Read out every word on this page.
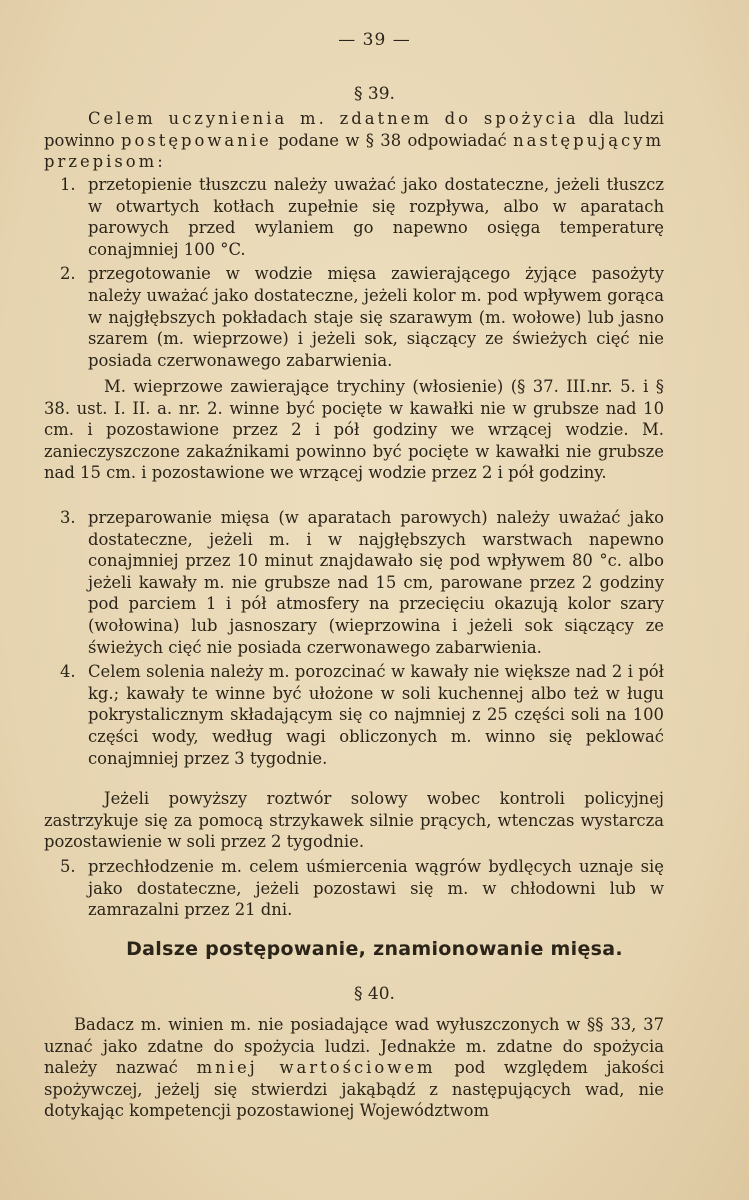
— 39 —
§ 39.
Celem uczynienia m. zdatnem do spożycia dla ludzi powinno postępowanie podane w § 38 odpowiadać następującym przepisom:
1. przetopienie tłuszczu należy uważać jako dostateczne, jeżeli tłuszcz w otwartych kotłach zupełnie się rozpływa, albo w aparatach parowych przed wylaniem go napewno osięga temperaturę conajmniej 100 °C.
2. przegotowanie w wodzie mięsa zawierającego żyjące pasożyty należy uważać jako dostateczne, jeżeli kolor m. pod wpływem gorąca w najgłębszych pokładach staje się szarawym (m. wołowe) lub jasno szarem (m. wieprzowe) i jeżeli sok, siączący ze świeżych cięć nie posiada czerwonawego zabarwienia.
M. wieprzowe zawierające trychiny (włosienie) (§ 37. III.nr. 5. i § 38. ust. I. II. a. nr. 2. winne być pocięte w kawałki nie w grubsze nad 10 cm. i pozostawione przez 2 i pół godziny we wrzącej wodzie. M. zanieczyszczone zakaźnikami powinno być pocięte w kawałki nie grubsze nad 15 cm. i pozostawione we wrzącej wodzie przez 2 i pół godziny.
3. przeparowanie mięsa (w aparatach parowych) należy uważać jako dostateczne, jeżeli m. i w najgłębszych warstwach napewno conajmniej przez 10 minut znajdawało się pod wpływem 80 °c. albo jeżeli kawały m. nie grubsze nad 15 cm, parowane przez 2 godziny pod parciem 1 i pół atmosfery na przecięciu okazują kolor szary (wołowina) lub jasnoszary (wieprzowina i jeżeli sok siączący ze świeżych cięć nie posiada czerwonawego zabarwienia.
4. Celem solenia należy m. porozcinać w kawały nie większe nad 2 i pół kg.; kawały te winne być ułożone w soli kuchennej albo też w ługu pokrystalicznym składającym się co najmniej z 25 części soli na 100 części wody, według wagi obliczonych m. winno się peklować conajmniej przez 3 tygodnie.
Jeżeli powyższy roztwór solowy wobec kontroli policyjnej zastrzykuje się za pomocą strzykawek silnie prących, wtenczas wystarcza pozostawienie w soli przez 2 tygodnie.
5. przechłodzenie m. celem uśmiercenia wągrów bydlęcych uznaje się jako dostateczne, jeżeli pozostawi się m. w chłodowni lub w zamrazalni przez 21 dni.
Dalsze postępowanie, znamionowanie mięsa.
§ 40.
Badacz m. winien m. nie posiadające wad wyłuszczonych w §§ 33, 37 uznać jako zdatne do spożycia ludzi. Jednakże m. zdatne do spożycia należy nazwać mniej wartościowem pod względem jakości spożywczej, jeżelj się stwierdzi jakąbądź z następujących wad, nie dotykając kompetencji pozostawionej Województwom
